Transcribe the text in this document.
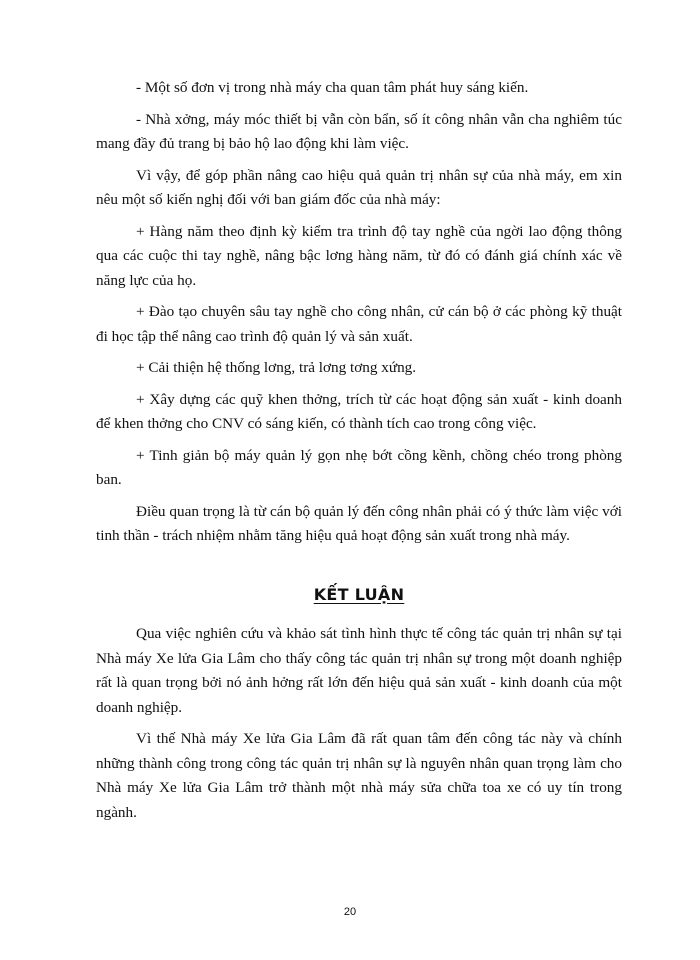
- Một số đơn vị trong nhà máy cha quan tâm phát huy sáng kiến.

- Nhà xởng, máy móc thiết bị vẫn còn bẩn, số ít công nhân vẫn cha nghiêm túc mang đầy đủ trang bị bảo hộ lao động khi làm việc.

Vì vậy, để góp phần nâng cao hiệu quả quản trị nhân sự của nhà máy, em xin nêu một số kiến nghị đối với ban giám đốc của nhà máy:

+ Hàng năm theo định kỳ kiểm tra trình độ tay nghề của ngời lao động thông qua các cuộc thi tay nghề, nâng bậc lơng hàng năm, từ đó có đánh giá chính xác về năng lực của họ.

+ Đào tạo chuyên sâu tay nghề cho công nhân, cử cán bộ ở các phòng kỹ thuật đi học tập thể nâng cao trình độ quản lý và sản xuất.

+ Cải thiện hệ thống lơng, trả lơng tơng xứng.

+ Xây dựng các quỹ khen thởng, trích từ các hoạt động sản xuất - kinh doanh để khen thởng cho CNV có sáng kiến, có thành tích cao trong công việc.

+ Tinh giản bộ máy quản lý gọn nhẹ bớt cồng kềnh, chồng chéo trong phòng ban.

Điều quan trọng là từ cán bộ quản lý đến công nhân phải có ý thức làm việc với tinh thần - trách nhiệm nhằm tăng hiệu quả hoạt động sản xuất trong nhà máy.

KẾT LUẬN

Qua việc nghiên cứu và khảo sát tình hình thực tế công tác quản trị nhân sự tại Nhà máy Xe lửa Gia Lâm cho thấy công tác quản trị nhân sự trong một doanh nghiệp rất là quan trọng bởi nó ảnh hởng rất lớn đến hiệu quả sản xuất - kinh doanh của một doanh nghiệp.

Vì thế Nhà máy Xe lửa Gia Lâm đã rất quan tâm đến công tác này và chính những thành công trong công tác quản trị nhân sự là nguyên nhân quan trọng làm cho Nhà máy Xe lửa Gia Lâm trở thành một nhà máy sửa chữa toa xe có uy tín trong ngành.

20
